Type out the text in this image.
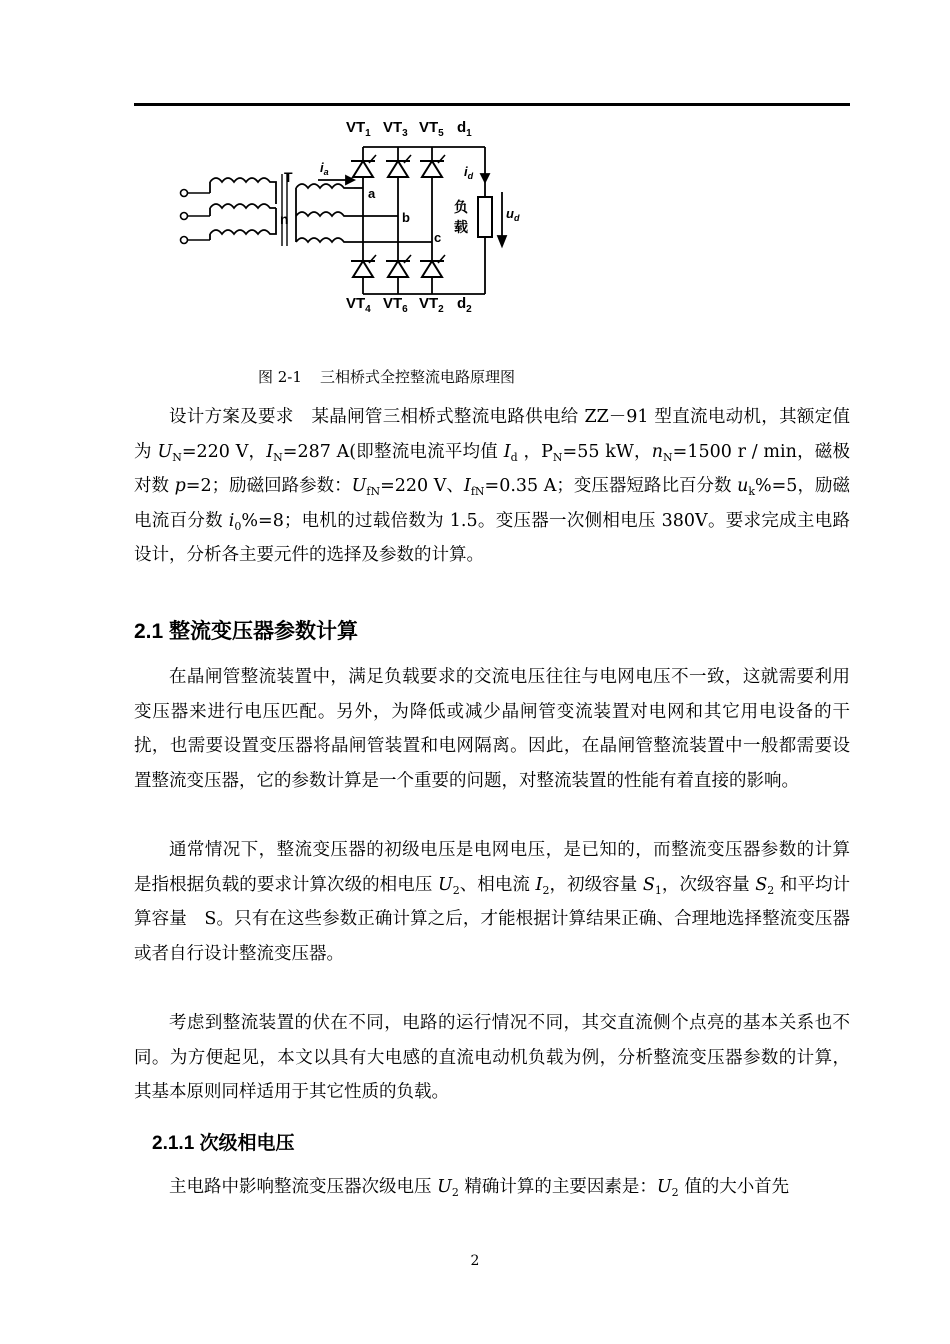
$VT_1$ $VT_3$ $VT_5$ $d_1$
$VT_4$ $VT_6$ $VT_2$ $d_2$
T
n
$i_a$
a
b
c
$i_d$
负
载
$u_d$
图 2-1 三相桥式全控整流电路原理图

设计方案及要求　某晶闸管三相桥式整流电路供电给 ZZ－91 型直流电动机，其额定值为 $U_N=220$ V，$I_N=287$ A(即整流电流平均值 $I_d$ ，$P_N=55$ kW，$n_N=1500$ r / min，磁极对数 p=2；励磁回路参数：$U_{fN}=220$ V、$I_{fN}=0.35$ A；变压器短路比百分数 $u_k\%=5$，励磁电流百分数 $i_0\%=8$；电机的过载倍数为 1.5。变压器一次侧相电压 380V。要求完成主电路设计，分析各主要元件的选择及参数的计算。

2.1 整流变压器参数计算

在晶闸管整流装置中，满足负载要求的交流电压往往与电网电压不一致，这就需要利用变压器来进行电压匹配。另外，为降低或减少晶闸管变流装置对电网和其它用电设备的干扰，也需要设置变压器将晶闸管装置和电网隔离。因此，在晶闸管整流装置中一般都需要设置整流变压器，它的参数计算是一个重要的问题，对整流装置的性能有着直接的影响。

通常情况下，整流变压器的初级电压是电网电压，是已知的，而整流变压器参数的计算是指根据负载的要求计算次级的相电压 $U_2$、相电流 $I_2$，初级容量 $S_1$，次级容量 $S_2$ 和平均计算容量　S。只有在这些参数正确计算之后，才能根据计算结果正确、合理地选择整流变压器或者自行设计整流变压器。

考虑到整流装置的伏在不同，电路的运行情况不同，其交直流侧个点亮的基本关系也不同。为方便起见，本文以具有大电感的直流电动机负载为例，分析整流变压器参数的计算，其基本原则同样适用于其它性质的负载。

2.1.1 次级相电压

主电路中影响整流变压器次级电压 $U_2$ 精确计算的主要因素是：$U_2$ 值的大小首先

2
